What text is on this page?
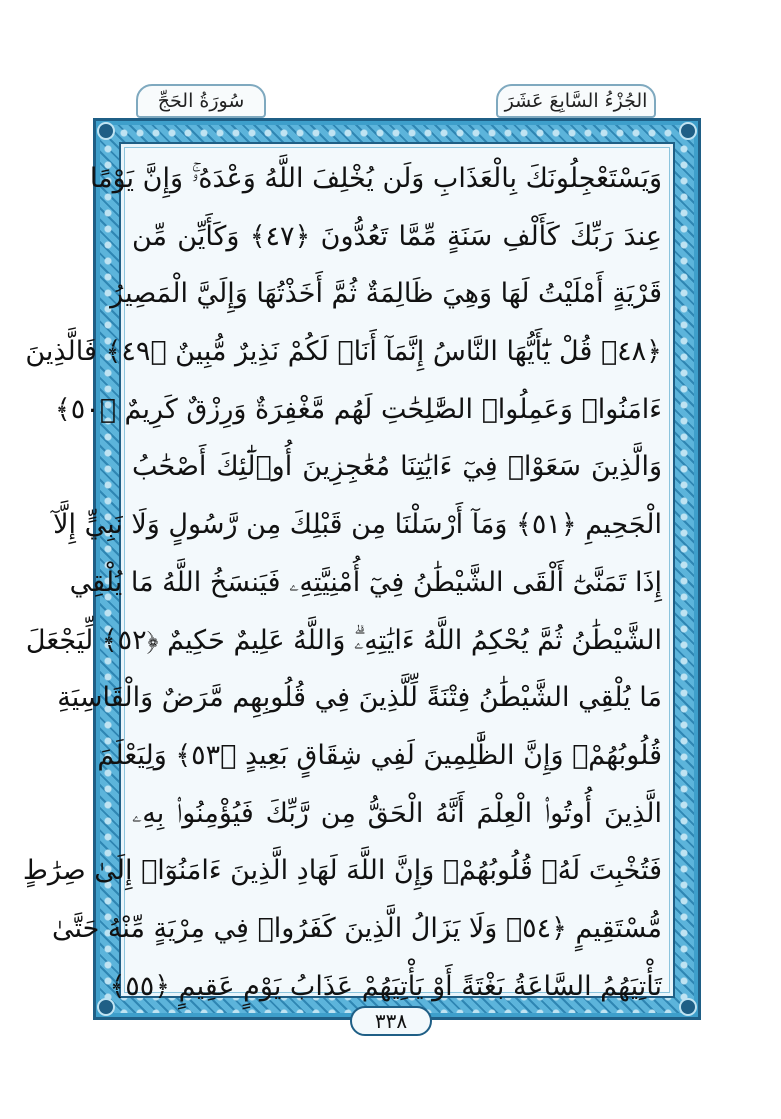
الجُزْءُ السَّابِعَ عَشَرَ
سُورَةُ الحَجِّ
وَيَسْتَعْجِلُونَكَ بِالْعَذَابِ وَلَن يُخْلِفَ اللَّهُ وَعْدَهُۥۚ وَإِنَّ يَوْمًا
عِندَ رَبِّكَ كَأَلْفِ سَنَةٍ مِّمَّا تَعُدُّونَ ﴿٤٧﴾ وَكَأَيِّن مِّن
قَرْيَةٍ أَمْلَيْتُ لَهَا وَهِيَ ظَالِمَةٌ ثُمَّ أَخَذْتُهَا وَإِلَيَّ الْمَصِيرُ
﴿٤٨﴾ قُلْ يَٰٓأَيُّهَا النَّاسُ إِنَّمَآ أَنَا۠ لَكُمْ نَذِيرٌ مُّبِينٌ ﴿٤٩﴾ فَالَّذِينَ
ءَامَنُوا۟ وَعَمِلُوا۟ الصَّٰلِحَٰتِ لَهُم مَّغْفِرَةٌ وَرِزْقٌ كَرِيمٌ ﴿٥٠﴾
وَالَّذِينَ سَعَوْا۟ فِيٓ ءَايَٰتِنَا مُعَٰجِزِينَ أُو۟لَٰٓئِكَ أَصْحَٰبُ
الْجَحِيمِ ﴿٥١﴾ وَمَآ أَرْسَلْنَا مِن قَبْلِكَ مِن رَّسُولٍ وَلَا نَبِيٍّ إِلَّآ
إِذَا تَمَنَّىٰٓ أَلْقَى الشَّيْطَٰنُ فِيٓ أُمْنِيَّتِهِۦ فَيَنسَخُ اللَّهُ مَا يُلْقِي
الشَّيْطَٰنُ ثُمَّ يُحْكِمُ اللَّهُ ءَايَٰتِهِۦۗ وَاللَّهُ عَلِيمٌ حَكِيمٌ ﴿٥٢﴾ لِّيَجْعَلَ
مَا يُلْقِي الشَّيْطَٰنُ فِتْنَةً لِّلَّذِينَ فِي قُلُوبِهِم مَّرَضٌ وَالْقَاسِيَةِ
قُلُوبُهُمْۗ وَإِنَّ الظَّٰلِمِينَ لَفِي شِقَاقٍ بَعِيدٍ ﴿٥٣﴾ وَلِيَعْلَمَ
الَّذِينَ أُوتُوا۟ الْعِلْمَ أَنَّهُ الْحَقُّ مِن رَّبِّكَ فَيُؤْمِنُوا۟ بِهِۦ
فَتُخْبِتَ لَهُۥ قُلُوبُهُمْۗ وَإِنَّ اللَّهَ لَهَادِ الَّذِينَ ءَامَنُوٓا۟ إِلَىٰ صِرَٰطٍ
مُّسْتَقِيمٍ ﴿٥٤﴾ وَلَا يَزَالُ الَّذِينَ كَفَرُوا۟ فِي مِرْيَةٍ مِّنْهُ حَتَّىٰ
تَأْتِيَهُمُ السَّاعَةُ بَغْتَةً أَوْ يَأْتِيَهُمْ عَذَابُ يَوْمٍ عَقِيمٍ ﴿٥٥﴾
٣٣٨
